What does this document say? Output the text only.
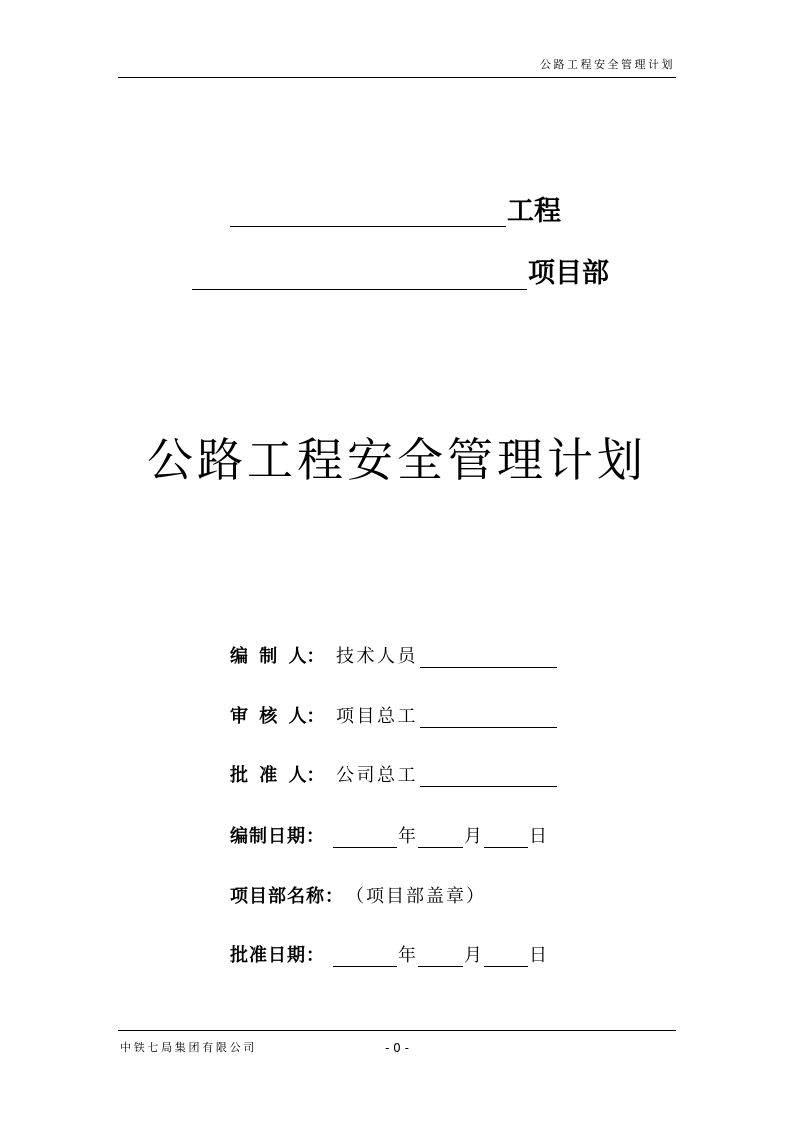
公路工程安全管理计划
工程
项目部
公路工程安全管理计划
编 制 人： 技术人员
审 核 人： 项目总工
批 准 人： 公司总工
编制日期：	年	月	日
项目部名称： （项目部盖章）
批准日期：	年	月	日
中铁七局集团有限公司	- 0 -
